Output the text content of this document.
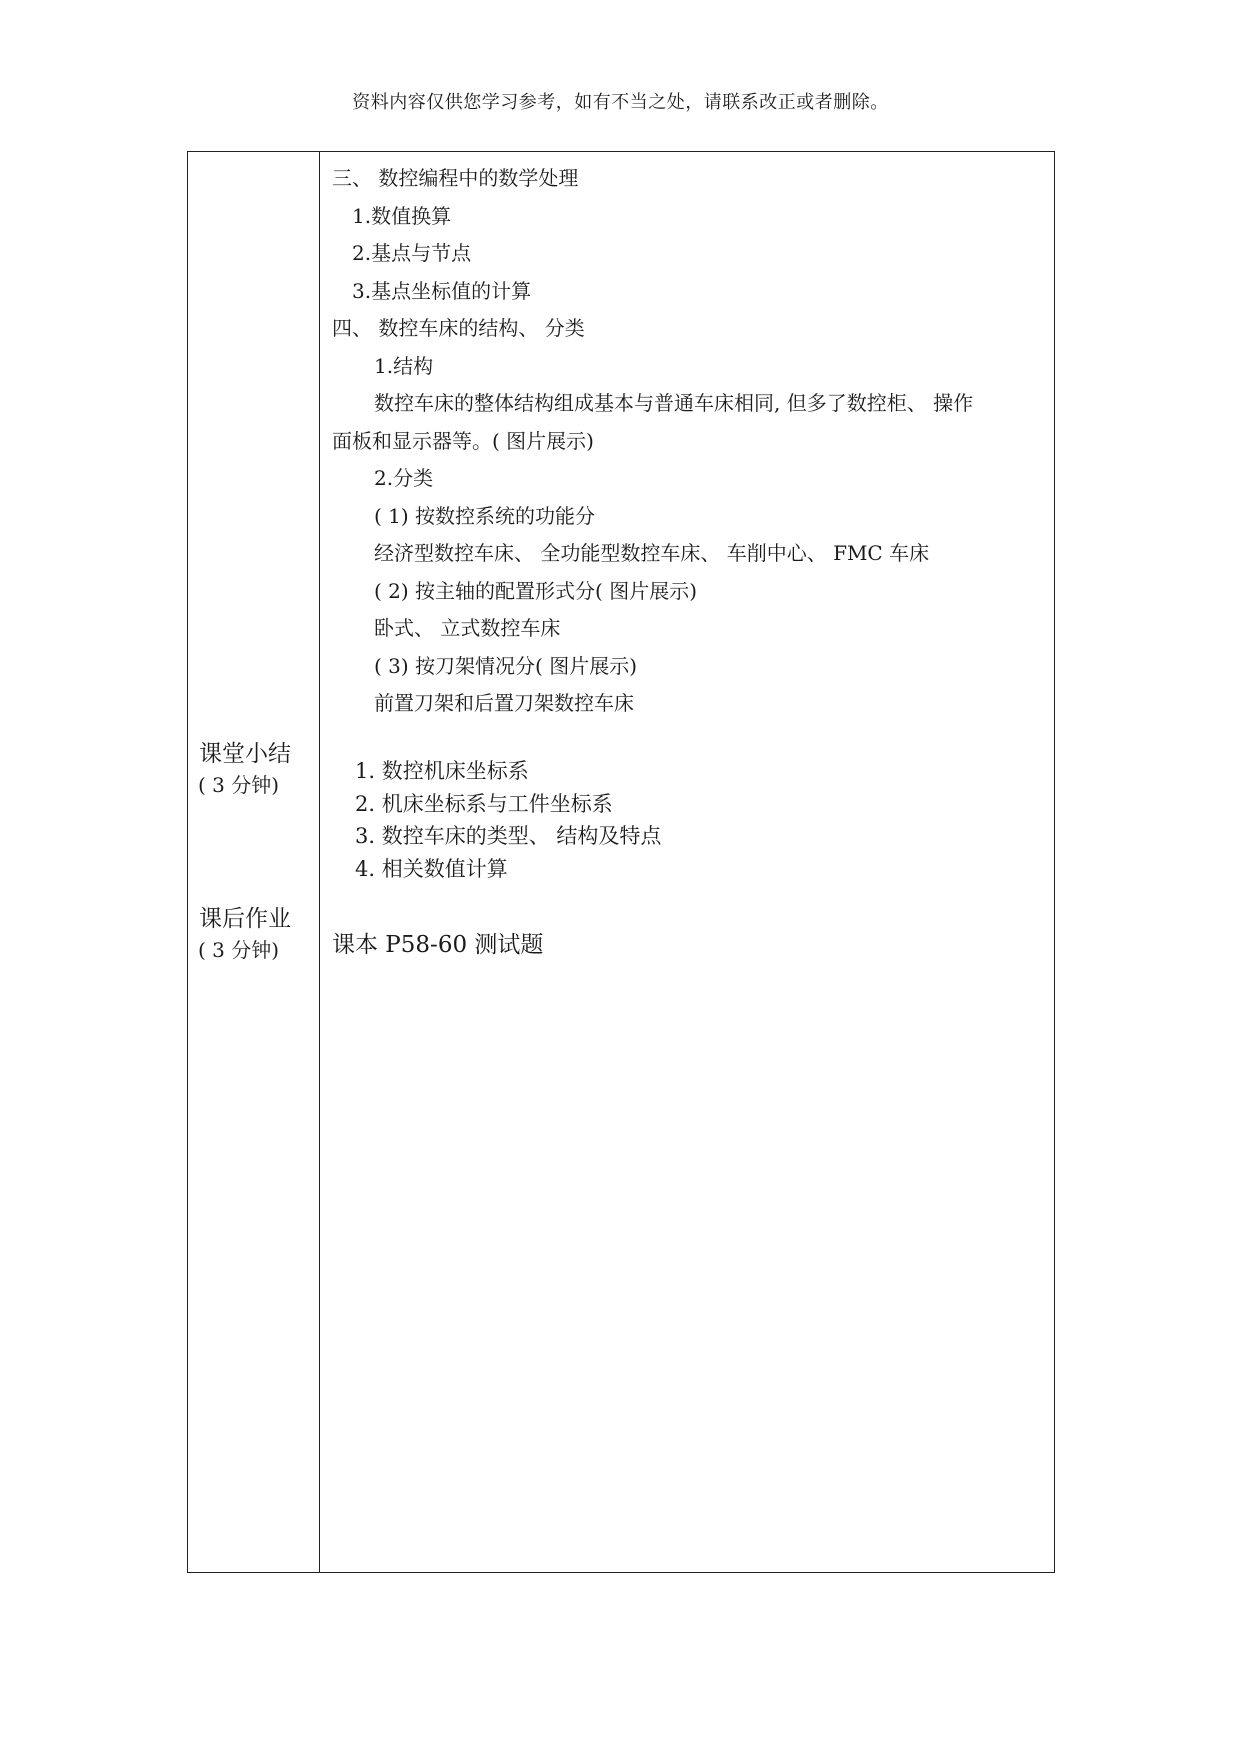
资料内容仅供您学习参考，如有不当之处，请联系改正或者删除。
课堂小结
( 3 分钟)
课后作业
( 3 分钟)
三、 数控编程中的数学处理
1.数值换算
2.基点与节点
3.基点坐标值的计算
四、 数控车床的结构、 分类
1.结构
数控车床的整体结构组成基本与普通车床相同, 但多了数控柜、 操作
面板和显示器等。( 图片展示)
2.分类
( 1) 按数控系统的功能分
经济型数控车床、 全功能型数控车床、 车削中心、 FMC 车床
( 2) 按主轴的配置形式分( 图片展示)
卧式、 立式数控车床
( 3) 按刀架情况分( 图片展示)
前置刀架和后置刀架数控车床
1. 数控机床坐标系
2. 机床坐标系与工件坐标系
3. 数控车床的类型、 结构及特点
4. 相关数值计算
课本 P58-60 测试题
